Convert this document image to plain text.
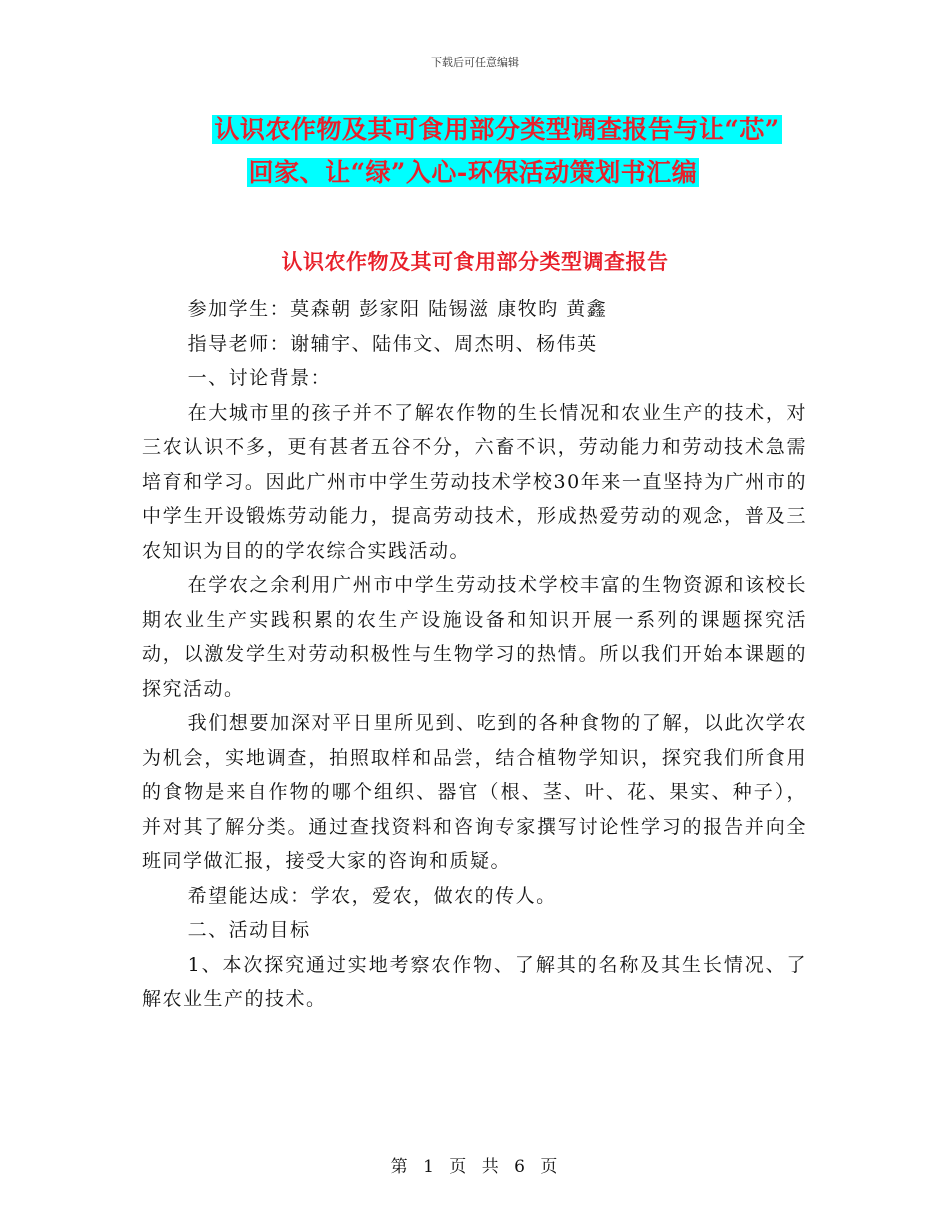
下载后可任意编辑
认识农作物及其可食用部分类型调查报告与让“芯”
回家、让“绿”入心-环保活动策划书汇编
认识农作物及其可食用部分类型调查报告

参加学生：莫森朝 彭家阳 陆锡滋 康牧昀 黄鑫

指导老师：谢辅宇、陆伟文、周杰明、杨伟英

一、讨论背景：

在大城市里的孩子并不了解农作物的生长情况和农业生产的技术，对三农认识不多，更有甚者五谷不分，六畜不识，劳动能力和劳动技术急需培育和学习。因此广州市中学生劳动技术学校30年来一直坚持为广州市的中学生开设锻炼劳动能力，提高劳动技术，形成热爱劳动的观念，普及三农知识为目的的学农综合实践活动。

在学农之余利用广州市中学生劳动技术学校丰富的生物资源和该校长期农业生产实践积累的农生产设施设备和知识开展一系列的课题探究活动，以激发学生对劳动积极性与生物学习的热情。所以我们开始本课题的探究活动。

我们想要加深对平日里所见到、吃到的各种食物的了解，以此次学农为机会，实地调查，拍照取样和品尝，结合植物学知识，探究我们所食用的食物是来自作物的哪个组织、器官（根、茎、叶、花、果实、种子），并对其了解分类。通过查找资料和咨询专家撰写讨论性学习的报告并向全班同学做汇报，接受大家的咨询和质疑。

希望能达成：学农，爱农，做农的传人。

二、活动目标

1、本次探究通过实地考察农作物、了解其的名称及其生长情况、了解农业生产的技术。

第 1 页 共 6 页
